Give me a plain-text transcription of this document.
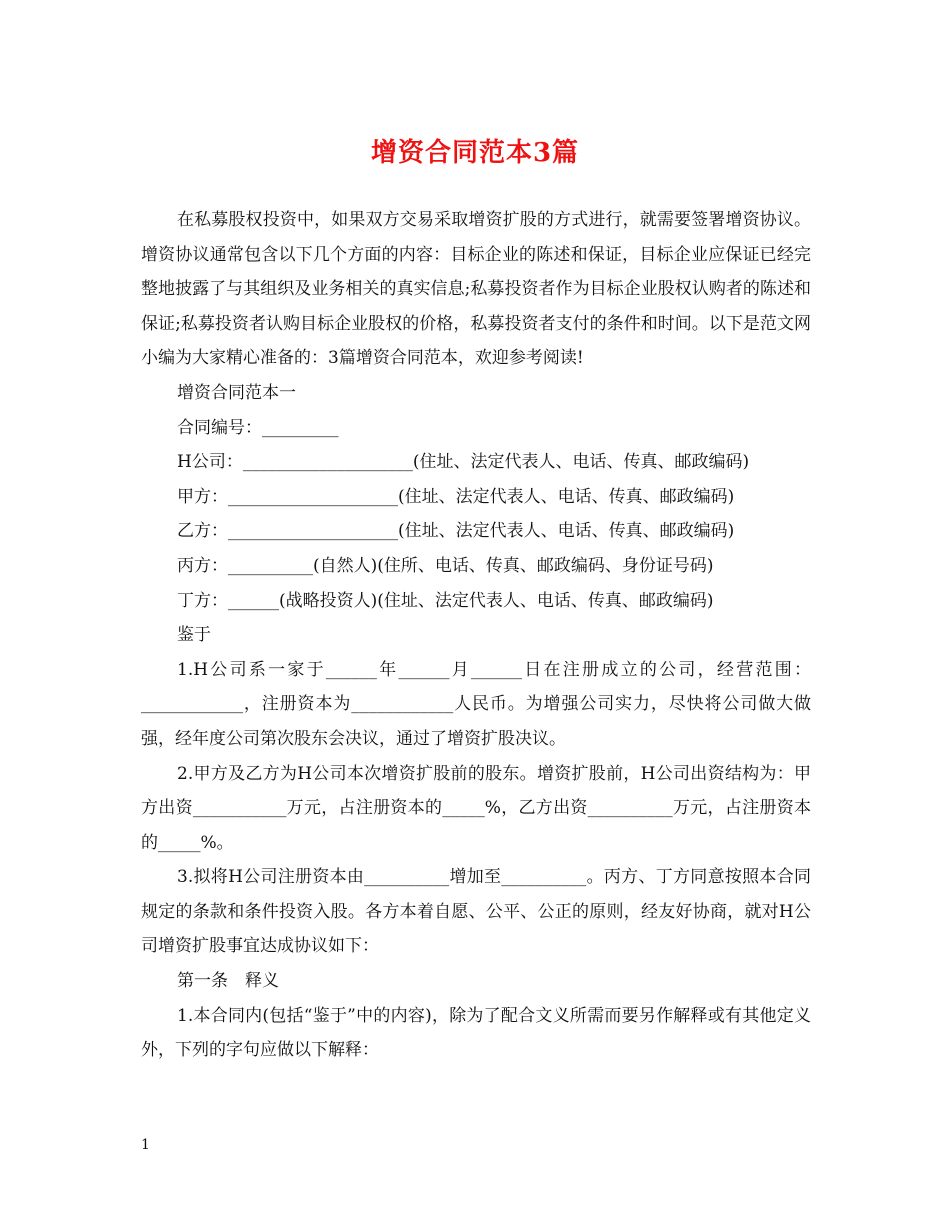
增资合同范本3篇

在私募股权投资中，如果双方交易采取增资扩股的方式进行，就需要签署增资协议。增资协议通常包含以下几个方面的内容：目标企业的陈述和保证，目标企业应保证已经完整地披露了与其组织及业务相关的真实信息;私募投资者作为目标企业股权认购者的陈述和保证;私募投资者认购目标企业股权的价格，私募投资者支付的条件和时间。以下是范文网小编为大家精心准备的：3篇增资合同范本，欢迎参考阅读!

增资合同范本一

合同编号：_________

H公司：____________________(住址、法定代表人、电话、传真、邮政编码)

甲方：____________________(住址、法定代表人、电话、传真、邮政编码)

乙方：____________________(住址、法定代表人、电话、传真、邮政编码)

丙方：__________(自然人)(住所、电话、传真、邮政编码、身份证号码)

丁方：______(战略投资人)(住址、法定代表人、电话、传真、邮政编码)

鉴于

1.H公司系一家于______年______月______日在注册成立的公司，经营范围：____________，注册资本为____________人民币。为增强公司实力，尽快将公司做大做强，经年度公司第次股东会决议，通过了增资扩股决议。

2.甲方及乙方为H公司本次增资扩股前的股东。增资扩股前，H公司出资结构为：甲方出资___________万元，占注册资本的_____%，乙方出资__________万元，占注册资本的_____%。

3.拟将H公司注册资本由__________增加至__________。丙方、丁方同意按照本合同规定的条款和条件投资入股。各方本着自愿、公平、公正的原则，经友好协商，就对H公司增资扩股事宜达成协议如下：

第一条　释义

1.本合同内(包括“鉴于”中的内容)，除为了配合文义所需而要另作解释或有其他定义外，下列的字句应做以下解释：

1
